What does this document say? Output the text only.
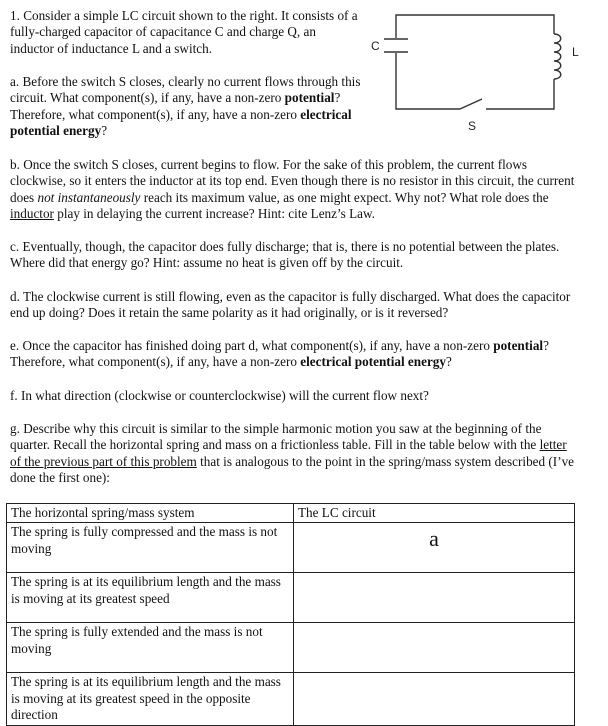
1. Consider a simple LC circuit shown to the right. It consists of a fully-charged capacitor of capacitance C and charge Q, an inductor of inductance L and a switch.
a. Before the switch S closes, clearly no current flows through this circuit. What component(s), if any, have a non-zero potential? Therefore, what component(s), if any, have a non-zero electrical potential energy?
C	L
S
b. Once the switch S closes, current begins to flow. For the sake of this problem, the current flows clockwise, so it enters the inductor at its top end. Even though there is no resistor in this circuit, the current does not instantaneously reach its maximum value, as one might expect. Why not? What role does the inductor play in delaying the current increase? Hint: cite Lenz’s Law.
c. Eventually, though, the capacitor does fully discharge; that is, there is no potential between the plates. Where did that energy go? Hint: assume no heat is given off by the circuit.
d. The clockwise current is still flowing, even as the capacitor is fully discharged. What does the capacitor end up doing? Does it retain the same polarity as it had originally, or is it reversed?
e. Once the capacitor has finished doing part d, what component(s), if any, have a non-zero potential? Therefore, what component(s), if any, have a non-zero electrical potential energy?
f. In what direction (clockwise or counterclockwise) will the current flow next?
g. Describe why this circuit is similar to the simple harmonic motion you saw at the beginning of the quarter. Recall the horizontal spring and mass on a frictionless table. Fill in the table below with the letter of the previous part of this problem that is analogous to the point in the spring/mass system described (I’ve done the first one):
The horizontal spring/mass system	The LC circuit
The spring is fully compressed and the mass is not moving	a
The spring is at its equilibrium length and the mass is moving at its greatest speed	
The spring is fully extended and the mass is not moving	
The spring is at its equilibrium length and the mass is moving at its greatest speed in the opposite direction	
